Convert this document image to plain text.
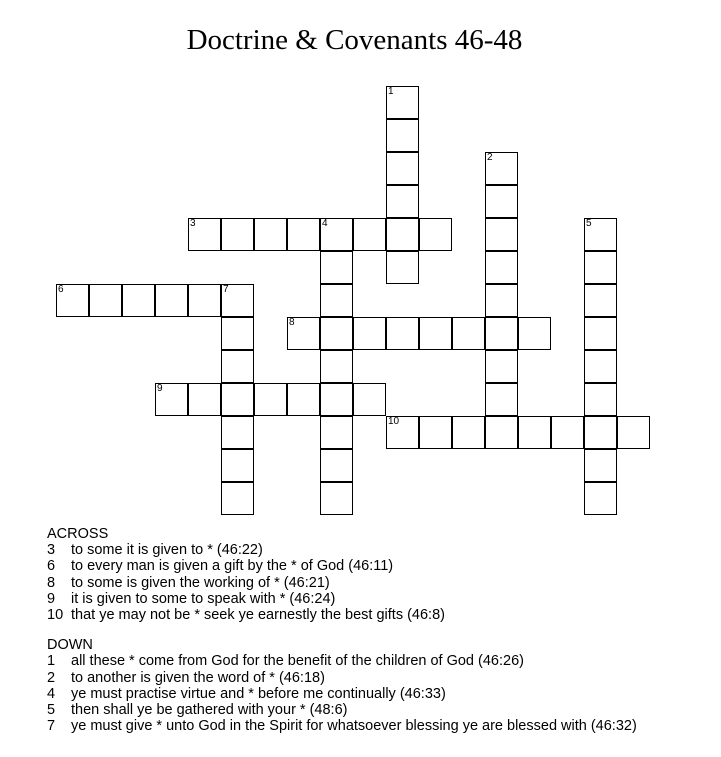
Doctrine & Covenants 46-48
1
2
3	4	5
6	7
8
9
10
ACROSS
3 to some it is given to * (46:22)
6 to every man is given a gift by the * of God (46:11)
8 to some is given the working of * (46:21)
9 it is given to some to speak with * (46:24)
10 that ye may not be * seek ye earnestly the best gifts (46:8)
DOWN
1 all these * come from God for the benefit of the children of God (46:26)
2 to another is given the word of * (46:18)
4 ye must practise virtue and * before me continually (46:33)
5 then shall ye be gathered with your * (48:6)
7 ye must give * unto God in the Spirit for whatsoever blessing ye are blessed with (46:32)
